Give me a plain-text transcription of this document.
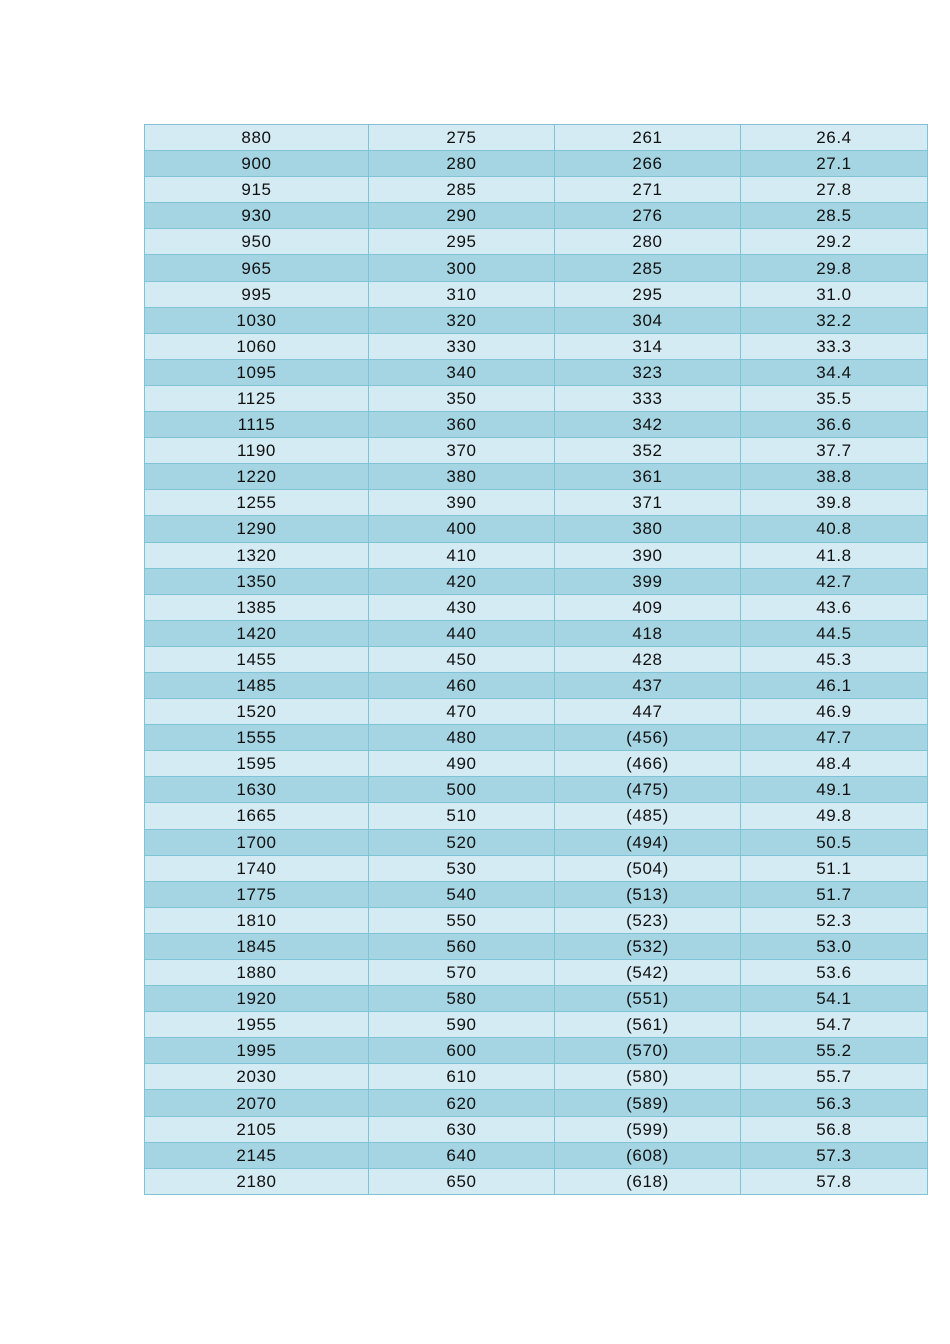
880	275	261	26.4
900	280	266	27.1
915	285	271	27.8
930	290	276	28.5
950	295	280	29.2
965	300	285	29.8
995	310	295	31.0
1030	320	304	32.2
1060	330	314	33.3
1095	340	323	34.4
1125	350	333	35.5
1115	360	342	36.6
1190	370	352	37.7
1220	380	361	38.8
1255	390	371	39.8
1290	400	380	40.8
1320	410	390	41.8
1350	420	399	42.7
1385	430	409	43.6
1420	440	418	44.5
1455	450	428	45.3
1485	460	437	46.1
1520	470	447	46.9
1555	480	(456)	47.7
1595	490	(466)	48.4
1630	500	(475)	49.1
1665	510	(485)	49.8
1700	520	(494)	50.5
1740	530	(504)	51.1
1775	540	(513)	51.7
1810	550	(523)	52.3
1845	560	(532)	53.0
1880	570	(542)	53.6
1920	580	(551)	54.1
1955	590	(561)	54.7
1995	600	(570)	55.2
2030	610	(580)	55.7
2070	620	(589)	56.3
2105	630	(599)	56.8
2145	640	(608)	57.3
2180	650	(618)	57.8
